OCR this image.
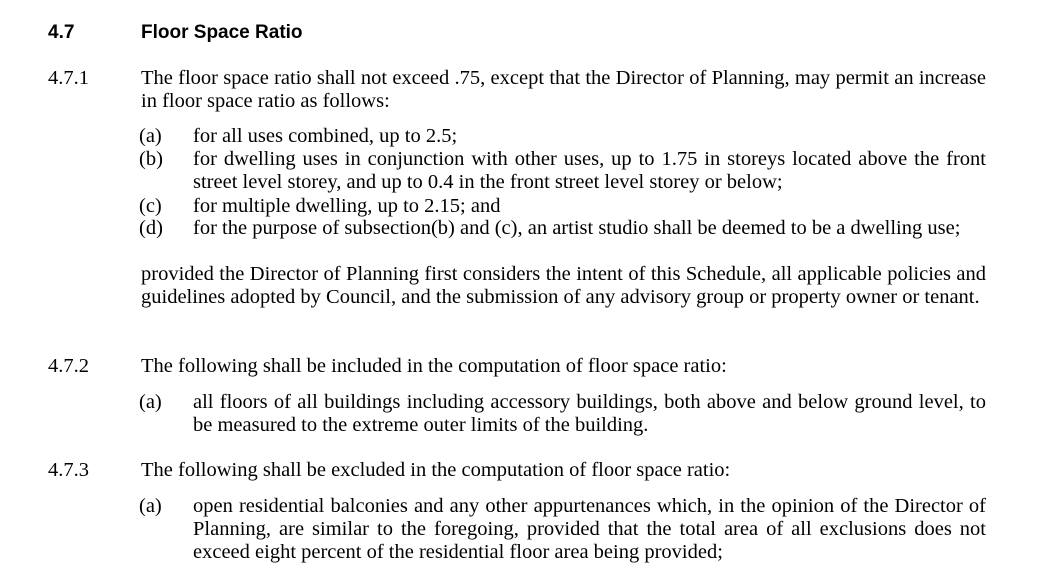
4.7	Floor Space Ratio
4.7.1	The floor space ratio shall not exceed .75, except that the Director of Planning, may permit an increase in floor space ratio as follows:
(a) for all uses combined, up to 2.5;
(b) for dwelling uses in conjunction with other uses, up to 1.75 in storeys located above the front street level storey, and up to 0.4 in the front street level storey or below;
(c) for multiple dwelling, up to 2.15; and
(d) for the purpose of subsection(b) and (c), an artist studio shall be deemed to be a dwelling use;
provided the Director of Planning first considers the intent of this Schedule, all applicable policies and guidelines adopted by Council, and the submission of any advisory group or property owner or tenant.
4.7.2	The following shall be included in the computation of floor space ratio:
(a) all floors of all buildings including accessory buildings, both above and below ground level, to be measured to the extreme outer limits of the building.
4.7.3	The following shall be excluded in the computation of floor space ratio:
(a) open residential balconies and any other appurtenances which, in the opinion of the Director of Planning, are similar to the foregoing, provided that the total area of all exclusions does not exceed eight percent of the residential floor area being provided;
